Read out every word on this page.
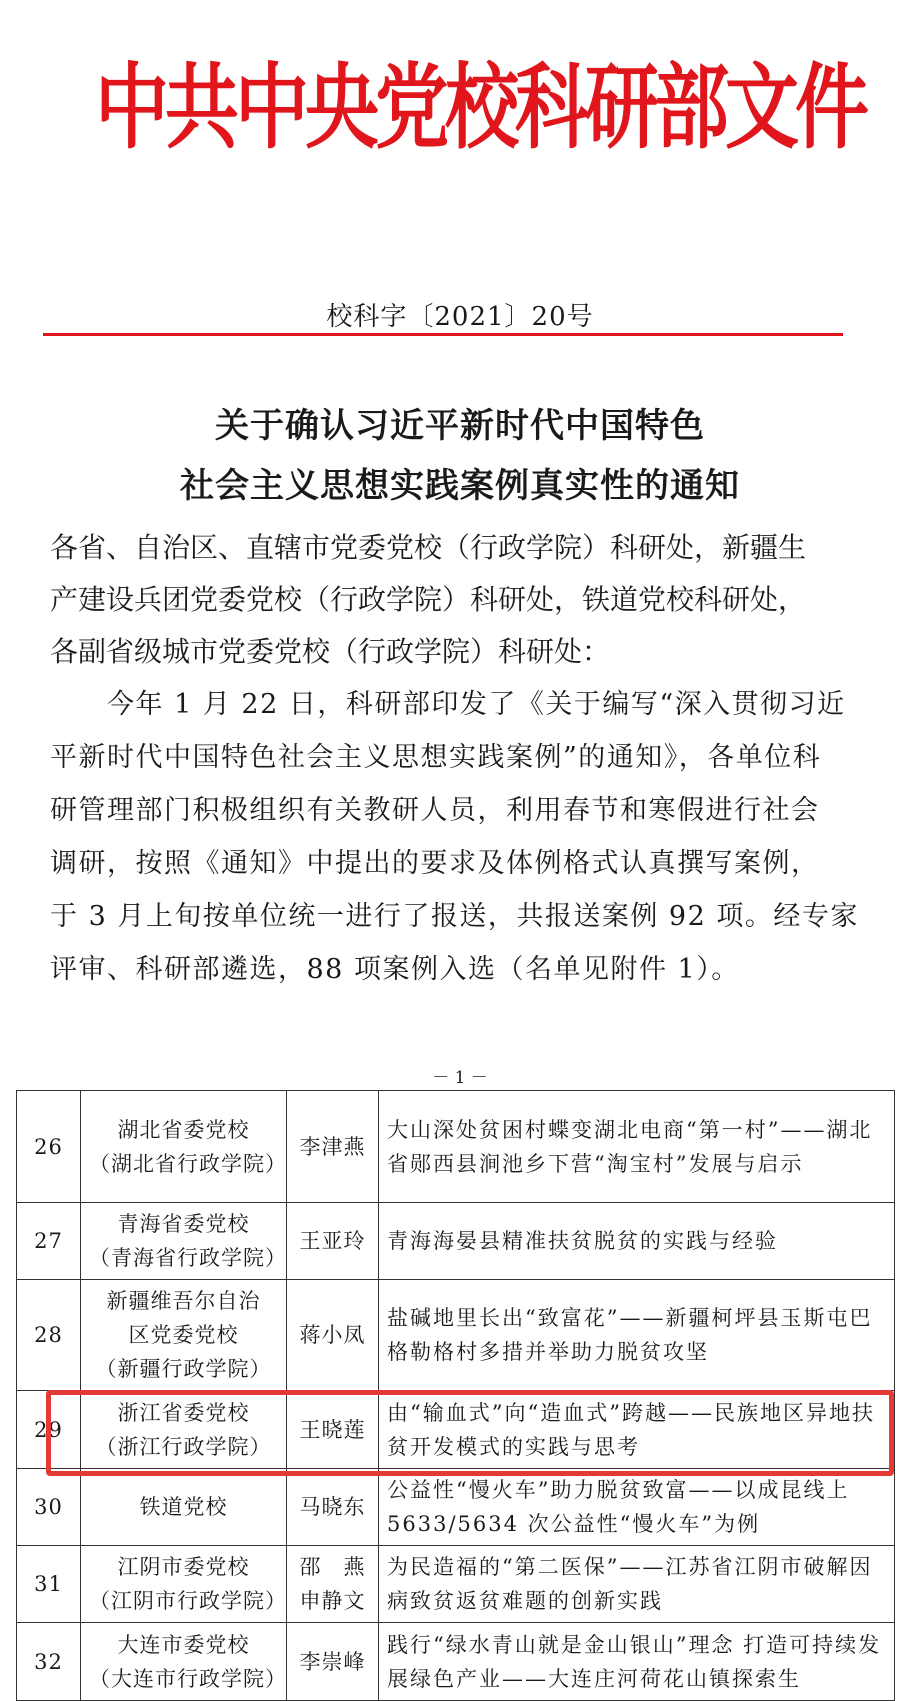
中共中央党校科研部文件
校科字〔2021〕20号
关于确认习近平新时代中国特色
社会主义思想实践案例真实性的通知
各省、自治区、直辖市党委党校（行政学院）科研处，新疆生
产建设兵团党委党校（行政学院）科研处，铁道党校科研处，
各副省级城市党委党校（行政学院）科研处：
　　今年 1 月 22 日，科研部印发了《关于编写“深入贯彻习近
平新时代中国特色社会主义思想实践案例”的通知》，各单位科
研管理部门积极组织有关教研人员，利用春节和寒假进行社会
调研，按照《通知》中提出的要求及体例格式认真撰写案例，
于 3 月上旬按单位统一进行了报送，共报送案例 92 项。经专家
评审、科研部遴选，88 项案例入选（名单见附件 1）。
－ 1 －
26	湖北省委党校
（湖北省行政学院）	李津燕	大山深处贫困村蝶变湖北电商“第一村”——湖北省郧西县涧池乡下营“淘宝村”发展与启示
27	青海省委党校
（青海省行政学院）	王亚玲	青海海晏县精准扶贫脱贫的实践与经验
28	新疆维吾尔自治
区党委党校
（新疆行政学院）	蒋小凤	盐碱地里长出“致富花”——新疆柯坪县玉斯屯巴格勒格村多措并举助力脱贫攻坚
29	浙江省委党校
（浙江行政学院）	王晓莲	由“输血式”向“造血式”跨越——民族地区异地扶贫开发模式的实践与思考
30	铁道党校	马晓东	公益性“慢火车”助力脱贫致富——以成昆线上 5633/5634 次公益性“慢火车”为例
31	江阴市委党校
（江阴市行政学院）	邵　燕
申静文	为民造福的“第二医保”——江苏省江阴市破解因病致贫返贫难题的创新实践
32	大连市委党校
（大连市行政学院）	李崇峰	践行“绿水青山就是金山银山”理念 打造可持续发展绿色产业——大连庄河荷花山镇探索生
